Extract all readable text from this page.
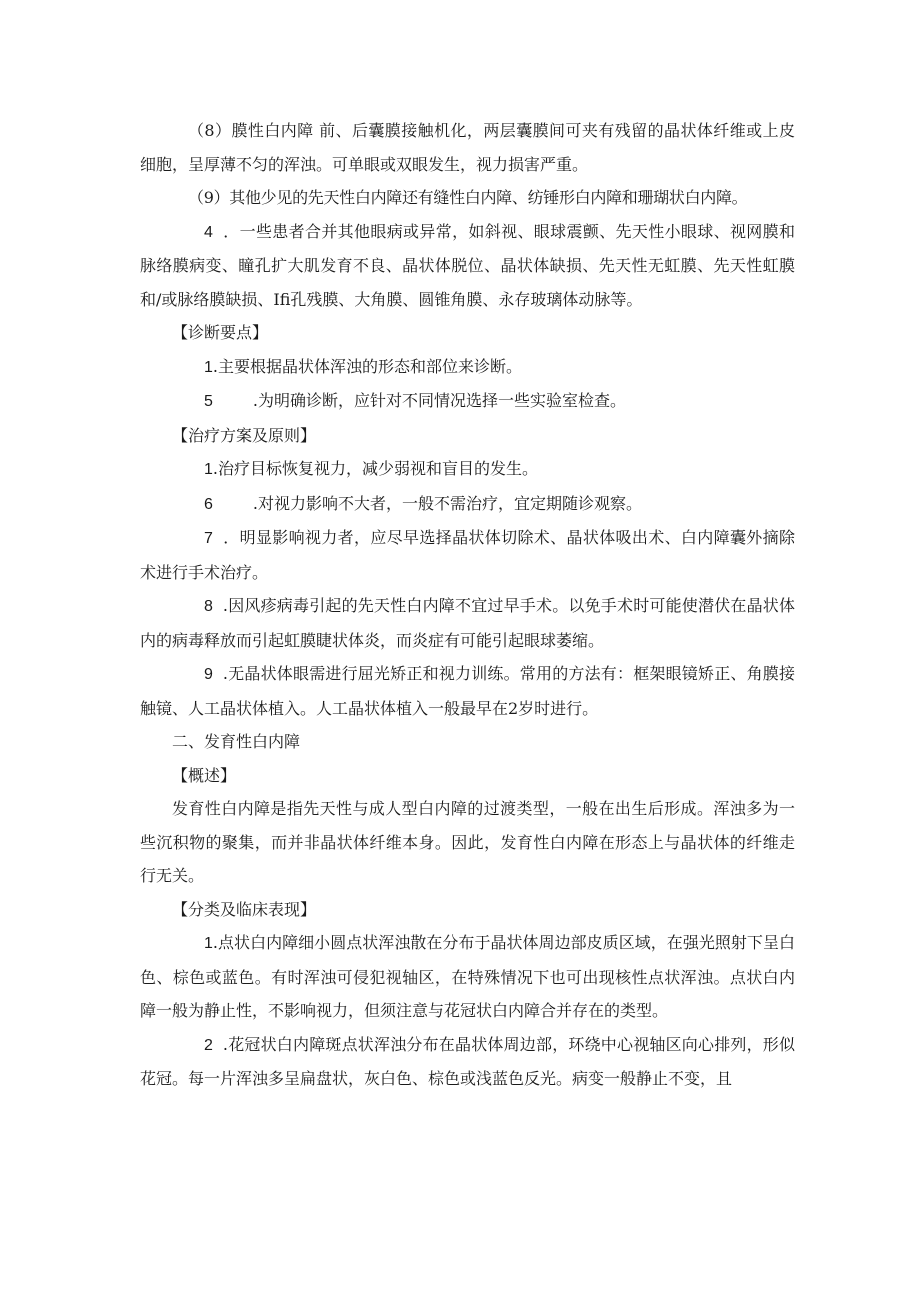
（8）膜性白内障 前、后囊膜接触机化，两层囊膜间可夹有残留的晶状体纤维或上皮细胞，呈厚薄不匀的浑浊。可单眼或双眼发生，视力损害严重。

（9）其他少见的先天性白内障还有缝性白内障、纺锤形白内障和珊瑚状白内障。

4 ．一些患者合并其他眼病或异常，如斜视、眼球震颤、先天性小眼球、视网膜和脉络膜病变、瞳孔扩大肌发育不良、晶状体脱位、晶状体缺损、先天性无虹膜、先天性虹膜和/或脉络膜缺损、Ifi孔残膜、大角膜、圆锥角膜、永存玻璃体动脉等。

【诊断要点】

1.主要根据晶状体浑浊的形态和部位来诊断。

5	.为明确诊断，应针对不同情况选择一些实验室检查。

【治疗方案及原则】

1.治疗目标恢复视力，减少弱视和盲目的发生。

6	.对视力影响不大者，一般不需治疗，宜定期随诊观察。

7 ．明显影响视力者，应尽早选择晶状体切除术、晶状体吸出术、白内障囊外摘除术进行手术治疗。

8 .因风疹病毒引起的先天性白内障不宜过早手术。以免手术时可能使潜伏在晶状体内的病毒释放而引起虹膜睫状体炎，而炎症有可能引起眼球萎缩。

9 .无晶状体眼需进行屈光矫正和视力训练。常用的方法有：框架眼镜矫正、角膜接触镜、人工晶状体植入。人工晶状体植入一般最早在2岁时进行。

二、发育性白内障

【概述】

发育性白内障是指先天性与成人型白内障的过渡类型，一般在出生后形成。浑浊多为一些沉积物的聚集，而并非晶状体纤维本身。因此，发育性白内障在形态上与晶状体的纤维走行无关。

【分类及临床表现】

1.点状白内障细小圆点状浑浊散在分布于晶状体周边部皮质区域，在强光照射下呈白色、棕色或蓝色。有时浑浊可侵犯视轴区，在特殊情况下也可出现核性点状浑浊。点状白内障一般为静止性，不影响视力，但须注意与花冠状白内障合并存在的类型。

2 .花冠状白内障斑点状浑浊分布在晶状体周边部，环绕中心视轴区向心排列，形似花冠。每一片浑浊多呈扁盘状，灰白色、棕色或浅蓝色反光。病变一般静止不变，且
